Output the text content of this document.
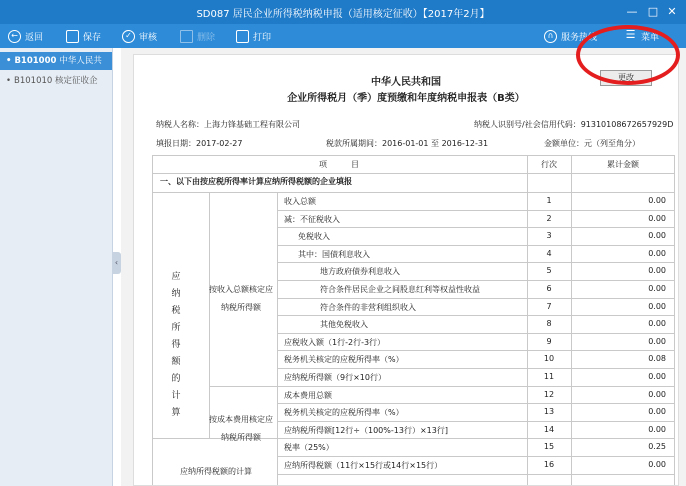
SD087 居民企业所得税纳税申报（适用核定征收）【2017年2月】	— □ ✕
← 返回	保存	✓ 审核	删除	打印	∩ 服务热线	☰ 菜单
• B101000 中华人民共
• B101010 核定征收企
‹
中华人民共和国
企业所得税月（季）度预缴和年度纳税申报表（B类）
更改
纳税人名称：上海力锋基础工程有限公司	纳税人识别号/社会信用代码：91310108672657929D
填报日期：2017-02-27	税款所属期间：2016-01-01 至 2016-12-31	金额单位：元（列至角分）
项　　　目	行次	累计金额
一、以下由按应税所得率计算应纳所得税额的企业填报
应纳税所得额的计算
按收入总额核定应纳税所得额
按成本费用核定应纳税所得额
应纳所得税额的计算
收入总额	1	0.00
减：不征税收入	2	0.00
免税收入	3	0.00
其中：国债利息收入	4	0.00
地方政府债券利息收入	5	0.00
符合条件居民企业之间股息红利等权益性收益	6	0.00
符合条件的非营利组织收入	7	0.00
其他免税收入	8	0.00
应税收入额（1行-2行-3行）	9	0.00
税务机关核定的应税所得率（%）	10	0.08
应纳税所得额（9行×10行）	11	0.00
成本费用总额	12	0.00
税务机关核定的应税所得率（%）	13	0.00
应纳税所得额[12行÷（100%-13行）×13行]	14	0.00
税率（25%）	15	0.25
应纳所得税额（11行×15行或14行×15行）	16	0.00
